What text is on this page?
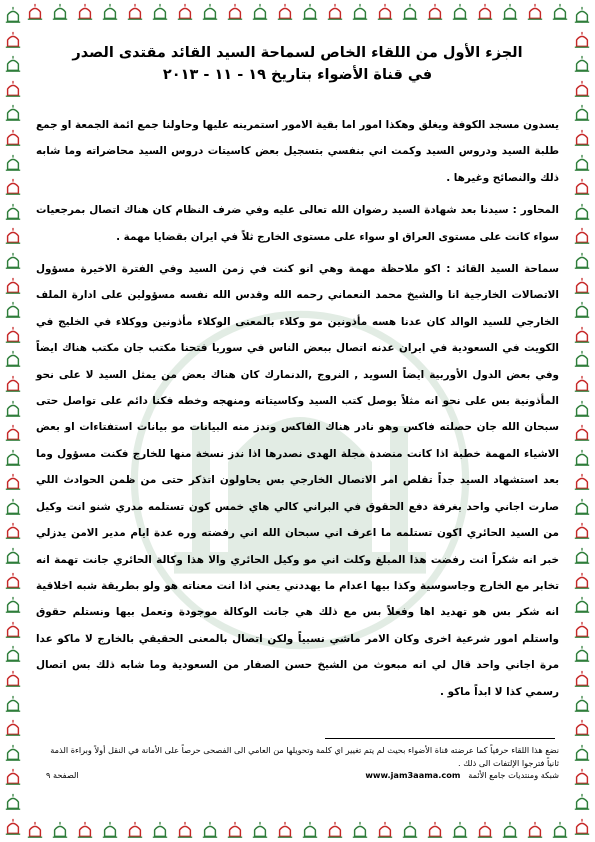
الجزء الأول من اللقاء الخاص لسماحة السيد القائد مقتدى الصدر
في قناة الأضواء بتاريخ ١٩ - ١١ - ٢٠١٣

يسدون مسجد الكوفة ويغلق وهكذا امور اما بقية الامور استمرينه عليها وحاولنا جمع ائمة الجمعة او جمع طلبة السيد ودروس السيد وكمت اني بنفسي بتسجيل بعض كاسيتات دروس السيد محاضراته وما شابه ذلك والنصائح وغيرها .

المحاور : سيدنا بعد شهادة السيد رضوان الله تعالى عليه وفي ضرف النظام كان هناك اتصال بمرجعيات سواء كانت على مستوى العراق او سواء على مستوى الخارج ثلاً في ايران بقضايا مهمة .

سماحة السيد القائد : اكو ملاحظة مهمة وهي انو كنت في زمن السيد وفي الفترة الاخيرة مسؤول الاتصالات الخارجية انا والشيخ محمد النعماني رحمه الله وقدس الله نفسه مسؤولين على ادارة الملف الخارجي للسيد الوالد كان عدنا هسه مأذونين مو وكلاء بالمعنى الوكلاء مأذونين ووكلاء في الخليج في الكويت في السعودية في ايران عدنه اتصال ببعض الناس في سوريا فتحنا مكتب جان مكتب هناك ايضاً وفي بعض الدول الأوربية ايضاً السويد , النروج ,الدنمارك كان هناك بعض من يمثل السيد لا على نحو المأذونية بس على نحو انه مثلاً يوصل كتب السيد وكاسيتاته ومنهجه وخطه فكنا دائم على تواصل حتى سبحان الله جان حصلته فاكس وهو نادر هناك الفاكس وندز منه البيانات مو بيانات استفتاءات او بعض الاشياء المهمة خطبة اذا كانت منضدة مجلة الهدى نصدرها اذا ندز نسخة منها للخارج فكنت مسؤول وما بعد استشهاد السيد جداً تقلص امر الاتصال الخارجي بس يحاولون اتذكر حتى من ظمن الحوادث اللي صارت اجاني واحد بغرفة دفع الحقوق في البراني كالي هاي خمس كون تستلمه مدري شنو انت وكيل من السيد الحائري اكون تستلمه ما اعرف اني سبحان الله اني رفضته وره عدة ايام مدير الامن يدزلي خبر انه شكراً انت رفضت هذا المبلغ وكلت اني مو وكيل الحائري والا هذا وكالة الحائري جانت تهمة انه تخابر مع الخارج وجاسوسية وكذا بيها اعدام ما يهددني يعني اذا انت معناته هو ولو بطريقة شبه اخلاقية انه شكر بس هو تهديد اها وفعلاً بس مع ذلك هي جانت الوكالة موجودة وتعمل بيها ونستلم حقوق واستلم امور شرعية اخرى وكان الامر ماشي نسبياً ولكن اتصال بالمعنى الحقيقي بالخارج لا ماكو عدا مرة اجاني واحد قال لي انه مبعوث من الشيخ حسن الصفار من السعودية وما شابه ذلك بس اتصال رسمي كذا لا ابداً ماكو .

نضع هذا اللقاء حرفياً كما عرضته قناة الأضواء بحيث لم يتم تغيير اي كلمة وتحويلها من العامي الى الفصحى حرصاً على الأمانة في النقل أولاً وبراءة الذمة ثانياً فترجوا الإلتفات الى ذلك .
شبكة ومنتديات جامع الأئمة   www.jam3aama.com
الصفحة ٩
